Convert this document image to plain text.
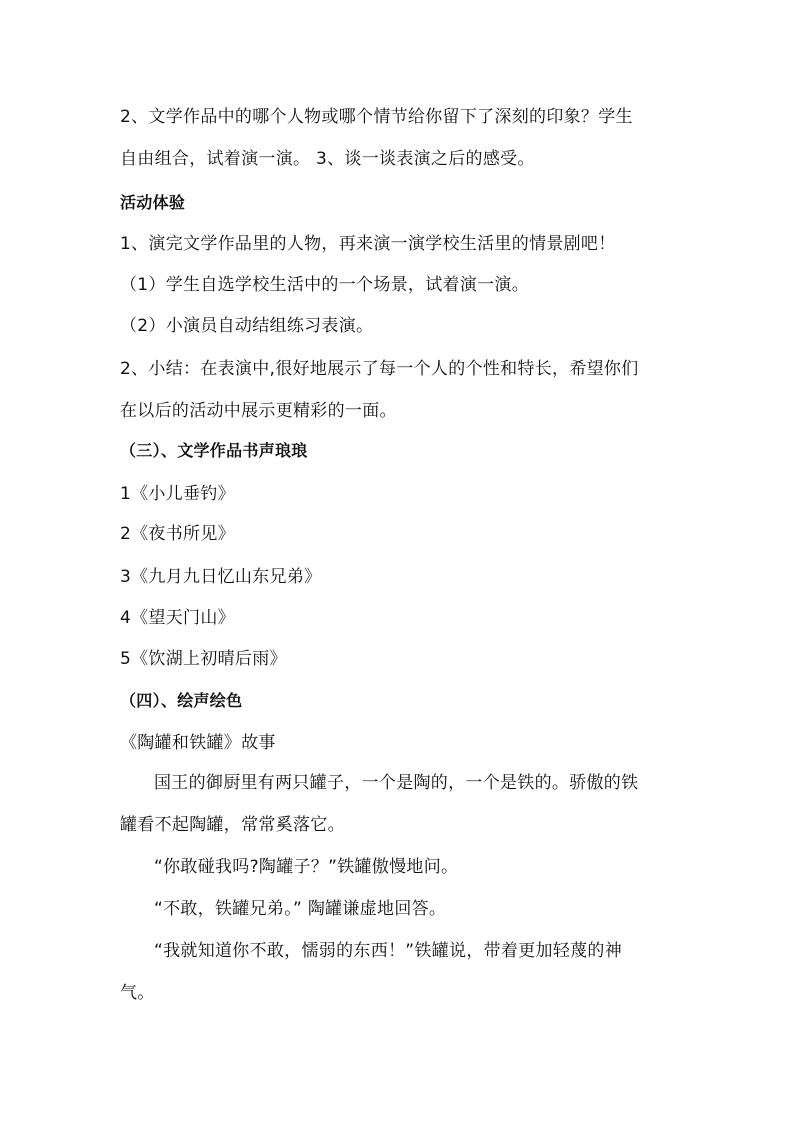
2、文学作品中的哪个人物或哪个情节给你留下了深刻的印象？学生
自由组合，试着演一演。 3、谈一谈表演之后的感受。
活动体验
1、演完文学作品里的人物，再来演一演学校生活里的情景剧吧！
（1）学生自选学校生活中的一个场景，试着演一演。
（2）小演员自动结组练习表演。
2、小结：在表演中,很好地展示了每一个人的个性和特长，希望你们
在以后的活动中展示更精彩的一面。
（三）、文学作品书声琅琅
1《小儿垂钓》
2《夜书所见》
3《九月九日忆山东兄弟》
4《望天门山》
5《饮湖上初晴后雨》
（四）、绘声绘色
《陶罐和铁罐》故事
国王的御厨里有两只罐子，一个是陶的，一个是铁的。骄傲的铁
罐看不起陶罐，常常奚落它。
“你敢碰我吗?陶罐子？”铁罐傲慢地问。
“不敢，铁罐兄弟。” 陶罐谦虚地回答。
“我就知道你不敢，懦弱的东西！”铁罐说，带着更加轻蔑的神
气。
